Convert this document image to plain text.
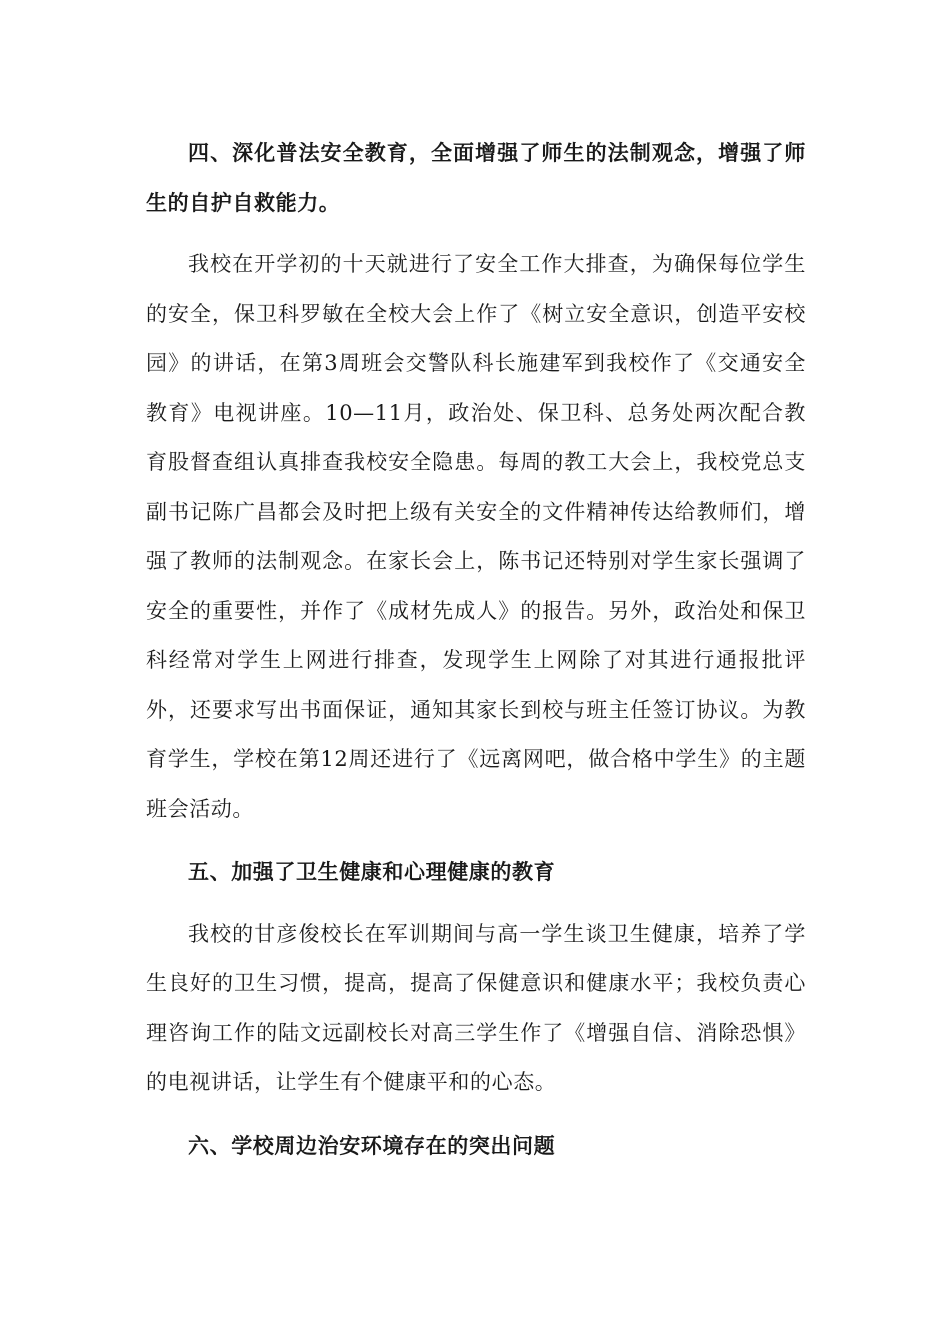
四、深化普法安全教育，全面增强了师生的法制观念，增强了师生的自护自救能力。

我校在开学初的十天就进行了安全工作大排查，为确保每位学生的安全，保卫科罗敏在全校大会上作了《树立安全意识，创造平安校园》的讲话，在第3周班会交警队科长施建军到我校作了《交通安全教育》电视讲座。10—11月，政治处、保卫科、总务处两次配合教育股督查组认真排查我校安全隐患。每周的教工大会上，我校党总支副书记陈广昌都会及时把上级有关安全的文件精神传达给教师们，增强了教师的法制观念。在家长会上，陈书记还特别对学生家长强调了安全的重要性，并作了《成材先成人》的报告。另外，政治处和保卫科经常对学生上网进行排查，发现学生上网除了对其进行通报批评外，还要求写出书面保证，通知其家长到校与班主任签订协议。为教育学生，学校在第12周还进行了《远离网吧，做合格中学生》的主题班会活动。

五、加强了卫生健康和心理健康的教育

我校的甘彦俊校长在军训期间与高一学生谈卫生健康，培养了学生良好的卫生习惯，提高，提高了保健意识和健康水平；我校负责心理咨询工作的陆文远副校长对高三学生作了《增强自信、消除恐惧》的电视讲话，让学生有个健康平和的心态。

六、学校周边治安环境存在的突出问题
